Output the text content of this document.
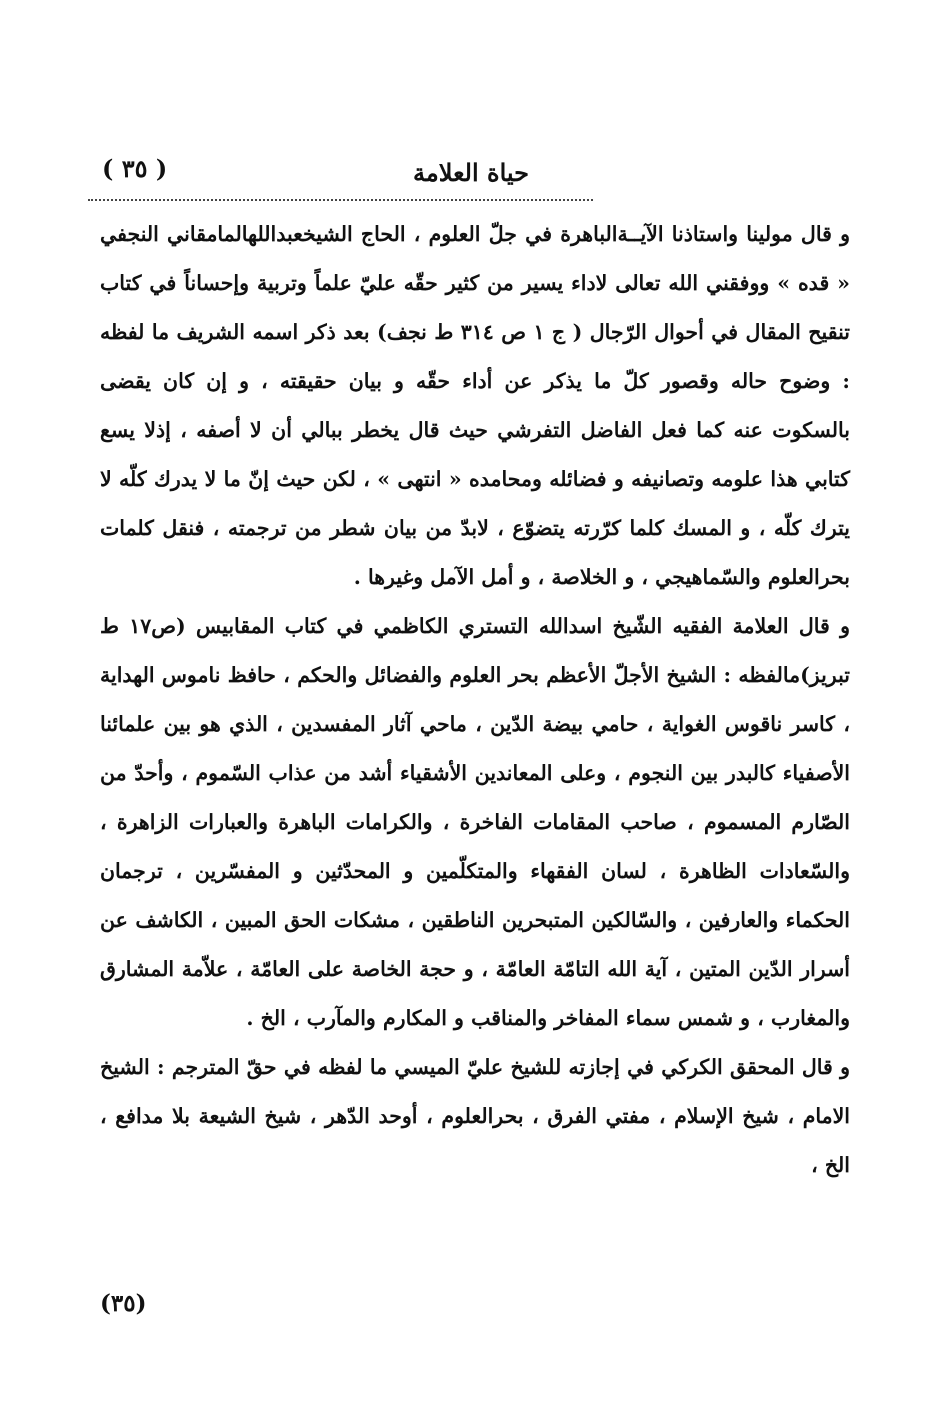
حياة العلامة
( ٣٥ )

و قال مولينا واستاذنا الآيــةالباهرة في جلّ العلوم ، الحاج الشيخعبداللهالمامقاني النجفي « قده » ووفقني الله تعالى لاداء يسير من كثير حقّه عليّ علماً وتربية وإحساناً في كتاب تنقيح المقال في أحوال الرّجال ( ج ١ ص ٣١٤ ط نجف) بعد ذكر اسمه الشريف ما لفظه : وضوح حاله وقصور كلّ ما يذكر عن أداء حقّه و بيان حقيقته ، و إن كان يقضى بالسكوت عنه كما فعل الفاضل التفرشي حيث قال يخطر ببالي أن لا أصفه ، إذلا يسع كتابي هذا علومه وتصانيفه و فضائله ومحامده « انتهى » ، لكن حيث إنّ ما لا يدرك كلّه لا يترك كلّه ، و المسك كلما كرّرته يتضوّع ، لابدّ من بيان شطر من ترجمته ، فنقل كلمات بحرالعلوم والسّماهيجي ، و الخلاصة ، و أمل الآمل وغيرها .

و قال العلامة الفقيه الشّيخ اسدالله التستري الكاظمي في كتاب المقابيس (ص١٧ ط تبريز)مالفظه : الشيخ الأجلّ الأعظم بحر العلوم والفضائل والحكم ، حافظ ناموس الهداية ، كاسر ناقوس الغواية ، حامي بيضة الدّين ، ماحي آثار المفسدين ، الذي هو بين علمائنا الأصفياء كالبدر بين النجوم ، وعلى المعاندين الأشقياء أشد من عذاب السّموم ، وأحدّ من الصّارم المسموم ، صاحب المقامات الفاخرة ، والكرامات الباهرة والعبارات الزاهرة ، والسّعادات الظاهرة ، لسان الفقهاء والمتكلّمين و المحدّثين و المفسّرين ، ترجمان الحكماء والعارفين ، والسّالكين المتبحرين الناطقين ، مشكات الحق المبين ، الكاشف عن أسرار الدّين المتين ، آية الله التامّة العامّة ، و حجة الخاصة على العامّة ، علاّمة المشارق والمغارب ، و شمس سماء المفاخر والمناقب و المكارم والمآرب ، الخ .

و قال المحقق الكركي في إجازته للشيخ عليّ الميسي ما لفظه في حقّ المترجم : الشيخ الامام ، شيخ الإسلام ، مفتي الفرق ، بحرالعلوم ، أوحد الدّهر ، شيخ الشيعة بلا مدافع ، الخ ،

(٣٥)
